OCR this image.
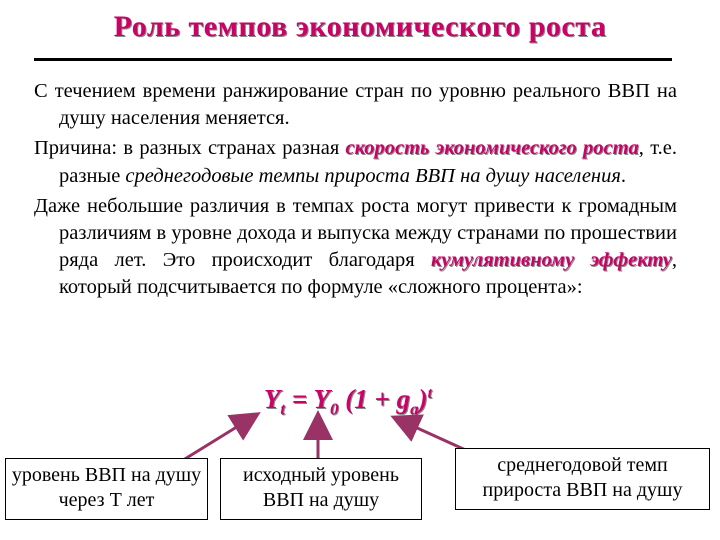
Роль темпов экономического роста

С течением времени ранжирование стран по уровню реального ВВП на душу населения меняется.

Причина: в разных странах разная скорость экономического роста, т.е. разные среднегодовые темпы прироста ВВП на душу населения.

Даже небольшие различия в темпах роста могут привести к громадным различиям в уровне дохода и выпуска между странами по прошествии ряда лет. Это происходит благодаря кумулятивному эффекту, который подсчитывается по формуле «сложного процента»:

$Y_t = Y_0$ $(1 + g_a)^t$
уровень ВВП на душу через Т лет
исходный уровень ВВП на душу
среднегодовой темп прироста ВВП на душу
